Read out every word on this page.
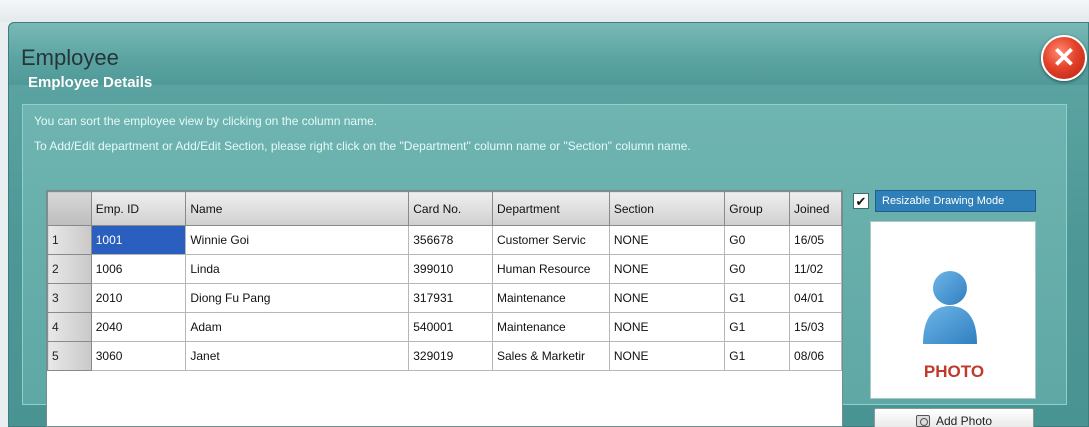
Employee	✕
Employee Details
You can sort the employee view by clicking on the column name.
To Add/Edit department or Add/Edit Section, please right click on the "Department" column name or "Section" column name.
	Emp. ID	Name	Card No.	Department	Section	Group	Joined
1	1001	Winnie Goi	356678	Customer Servic	NONE	G0	16/05
2	1006	Linda	399010	Human Resource	NONE	G0	11/02
3	2010	Diong Fu Pang	317931	Maintenance	NONE	G1	04/01
4	2040	Adam	540001	Maintenance	NONE	G1	15/03
5	3060	Janet	329019	Sales & Marketir	NONE	G1	08/06
✔	Resizable Drawing Mode
PHOTO
Add Photo
